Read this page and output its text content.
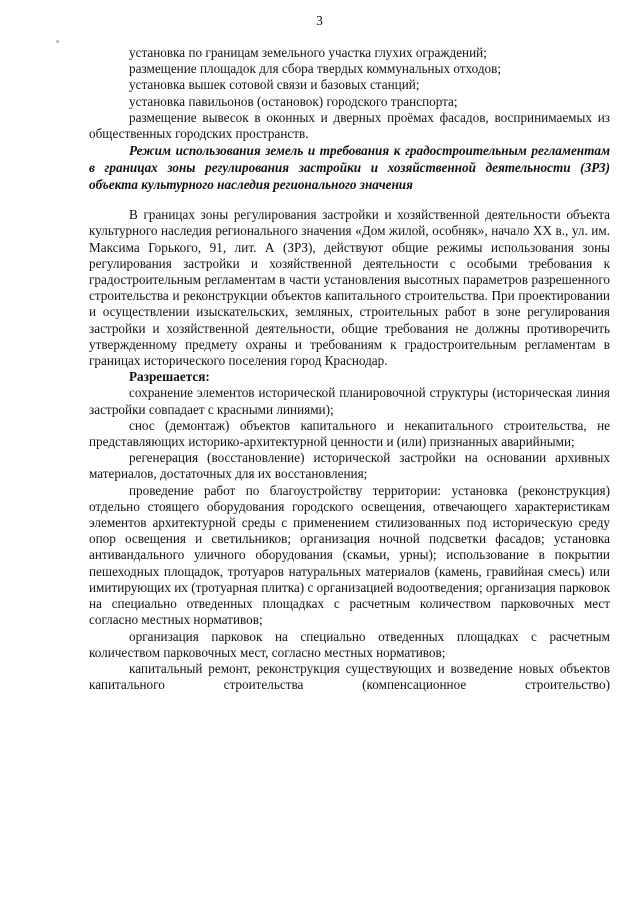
3

установка по границам земельного участка глухих ограждений;

размещение площадок для сбора твердых коммунальных отходов;

установка вышек сотовой связи и базовых станций;

установка павильонов (остановок) городского транспорта;

размещение вывесок в оконных и дверных проёмах фасадов, воспринимаемых из общественных городских пространств.

Режим использования земель и требования к градостроительным регламентам в границах зоны регулирования застройки и хозяйственной деятельности (ЗРЗ) объекта культурного наследия регионального значения

В границах зоны регулирования застройки и хозяйственной деятельности объекта культурного наследия регионального значения «Дом жилой, особняк», начало XX в., ул. им. Максима Горького, 91, лит. А (ЗРЗ), действуют общие режимы использования зоны регулирования застройки и хозяйственной деятельности с особыми требования к градостроительным регламентам в части установления высотных параметров разрешенного строительства и реконструкции объектов капитального строительства. При проектировании и осуществлении изыскательских, земляных, строительных работ в зоне регулирования застройки и хозяйственной деятельности, общие требования не должны противоречить утвержденному предмету охраны и требованиям к градостроительным регламентам в границах исторического поселения город Краснодар.

Разрешается:

сохранение элементов исторической планировочной структуры (историческая линия застройки совпадает с красными линиями);

снос (демонтаж) объектов капитального и некапитального строительства, не представляющих историко-архитектурной ценности и (или) признанных аварийными;

регенерация (восстановление) исторической застройки на основании архивных материалов, достаточных для их восстановления;

проведение работ по благоустройству территории: установка (реконструкция) отдельно стоящего оборудования городского освещения, отвечающего характеристикам элементов архитектурной среды с применением стилизованных под историческую среду опор освещения и светильников; организация ночной подсветки фасадов; установка антивандального уличного оборудования (скамьи, урны); использование в покрытии пешеходных площадок, тротуаров натуральных материалов (камень, гравийная смесь) или имитирующих их (тротуарная плитка) с организацией водоотведения; организация парковок на специально отведенных площадках с расчетным количеством парковочных мест согласно местных нормативов;

организация парковок на специально отведенных площадках с расчетным количеством парковочных мест, согласно местных нормативов;

капитальный ремонт, реконструкция существующих и возведение новых объектов капитального строительства (компенсационное строительство)
